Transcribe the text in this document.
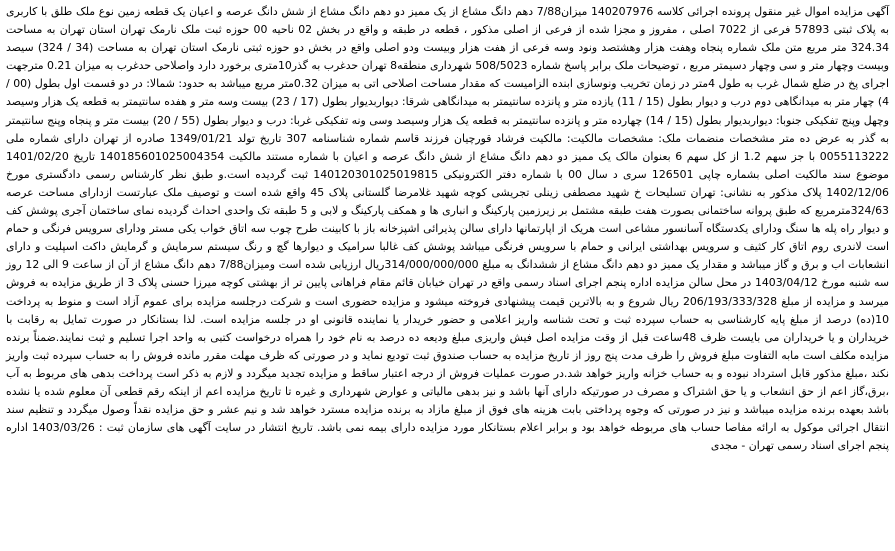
آگهی مزایده اموال غیر منقول پرونده اجرائی کلاسه 140207976 میزان7/88 دهم دانگ مشاع از یک ممیز دو دهم دانگ مشاع از شش دانگ عرصه و اعیان یک قطعه زمین نوع ملک طلق با کاربری به پلاک ثبتی 57893 فرعی از 7022 اصلی ، مفروز و مجزا شده از فرعی از اصلی مذکور ، قطعه در طبقه و واقع در بخش 02 ناحیه 00 حوزه ثبت ملک نارمک تهران استان تهران به مساحت 324.34 متر مربع متن ملک شماره پنجاه وهفت هزار وهشتصد ونود وسه فرعی از هفت هزار وبیست ودو اصلی واقع در بخش دو حوزه ثبتی نارمک استان تهران به مساحت (34 / 324) سیصد وبیست وچهار متر و سی وچهار دسیمتر مربع ، توضیحات ملک برابر پاسخ شماره 508/5023 شهرداری منطقه8 تهران حدغرب به گذر10متری برخورد دارد واصلاحی حدغرب به میزان 0.21 مترجهت اجرای پخ در ضلع شمال غرب به طول 4متر در زمان تخریب ونوسازی ابنده الزامیست که مقدار مساحت اصلاحی اتی به میزان 0.32متر مربع میباشد به حدود: شمالا: در دو قسمت اول بطول (00 / 4) چهار متر به میدانگاهی دوم درب و دیوار بطول (15 / 11) یازده متر و پانزده سانتیمتر به میدانگاهی شرقا: دیواربدیوار بطول (17 / 23) بیست وسه متر و هفده سانتیمتر به قطعه یک هزار وسیصد وچهل وپنج تفکیکی جنوبا: دیواربدیوار بطول (15 / 14) چهارده متر و پانزده سانتیمتر به قطعه یک هزار وسیصد وسی ونه تفکیکی غربا: درب و دیوار بطول (55 / 20) بیست متر و پنجاه وپنج سانتیمتر به گذر به عرض ده متر مشخصات منضمات ملک: مشخصات مالکیت: مالکیت فرشاد قورچیان فرزند قاسم شماره شناسنامه 307 تاریخ تولد 1349/01/21 صادره از تهران دارای شماره ملی 0055113222 با جز سهم 1.2 از کل سهم 6 بعنوان مالک یک ممیز دو دهم دانگ مشاع از شش دانگ عرصه و اعیان با شماره مستند مالکیت 140185601025004354 تاریخ 1401/02/20 موضوع سند مالکیت اصلی بشماره چاپی 126501 سری د سال 00 با شماره دفتر الکترونیکی 140120301025019815 ثبت گردیده است.و طبق نظر کارشناس رسمی دادگستری مورخ 1402/12/06 پلاک مذکور به نشانی: تهران تسلیحات خ شهید مصطفی زینلی تجریشی کوچه شهید غلامرضا گلستانی پلاک 45 واقع شده است و توصیف ملک عبارتست ازدارای مساحت عرصه 324/63مترمربع که طبق پروانه ساختمانی بصورت هفت طبقه مشتمل بر زیرزمین پارکینگ و انباری ها و همکف پارکینگ و لابی و 5 طبقه تک واحدی احداث گردیده نمای ساختمان آجری پوشش کف و دیوار راه پله ها سنگ ودارای یکدستگاه آسانسور مشاعی است هریک از اپارتمانها دارای سالن پذیرائی اشپزخانه باز با کابینت طرح چوب سه اتاق خواب یکی مستر ودارای سرویس فرنگی و حمام است لاندری روم اتاق کار کثیف و سرویس بهداشتی ایرانی و حمام با سرویس فرنگی میباشد پوشش کف غالبا سرامیک و دیوارها گچ و رنگ سیستم سرمایش و گرمایش داکت اسپلیت و دارای انشعابات اب و برق و گاز میباشد و مقدار یک ممیز دو دهم دانگ مشاع از ششدانگ به مبلغ 314/000/000/000ریال ارزیابی شده است ومیزان7/88 دهم دانگ مشاع از آن از ساعت 9 الی 12 روز سه شنبه مورخ 1403/04/12 در محل سالن مزایده اداره پنجم اجرای اسناد رسمی واقع در تهران خیابان قائم مقام فراهانی پایین تر از بهشتی کوچه میرزا حسنی پلاک 3 از طریق مزایده به فروش میرسد و مزایده از مبلغ 206/193/333/328 ریال شروع و به بالاترین قیمت پیشنهادی فروخته میشود و مزایده حضوری است و شرکت درجلسه مزایده برای عموم آزاد است و منوط به پرداخت 10(ده) درصد از مبلغ پایه کارشناسی به حساب سپرده ثبت و تحت شناسه واریز اعلامی و حضور خریدار یا نماینده قانونی او در جلسه مزایده است. لذا بستانکار در صورت تمایل به رقابت با خریداران و یا خریداران می بایست ظرف 48ساعت قبل از وقت مزایده اصل فیش واریزی مبلغ ودیعه ده درصد به نام خود را همراه درخواست کتبی به واحد اجرا تسلیم و ثبت نمایند.ضمناً برنده مزایده مکلف است مابه التفاوت مبلغ فروش را ظرف مدت پنج روز از تاریخ مزایده به حساب صندوق ثبت تودیع نماید و در صورتی که ظرف مهلت مقرر مانده فروش را به حساب سپرده ثبت واریز نکند ،مبلغ مذکور قابل استرداد نبوده و به حساب خزانه واریز خواهد شد.در صورت عملیات فروش از درجه اعتبار ساقط و مزایده تجدید میگردد و لازم به ذکر است پرداخت بدهی های مربوط به آب ،برق،گاز اعم از حق انشعاب و یا حق اشتراک و مصرف در صورتیکه دارای آنها باشد و نیز بدهی مالیاتی و عوارض شهرداری و غیره تا تاریخ مزایده اعم از اینکه رقم قطعی آن معلوم شده یا نشده باشد بعهده برنده مزایده میباشد و نیز در صورتی که وجوه پرداختی بابت هزینه های فوق از مبلغ مازاد به برنده مزایده مسترد خواهد شد و نیم عشر و حق مزایده نقداً وصول میگردد و تنظیم سند انتقال اجرائی موکول به ارائه مفاصا حساب های مربوطه خواهد بود و برابر اعلام بستانکار مورد مزایده دارای بیمه نمی باشد. تاریخ انتشار در سایت آگهی های سازمان ثبت : 1403/03/26 اداره پنجم اجرای اسناد رسمی تهران - مجدی
